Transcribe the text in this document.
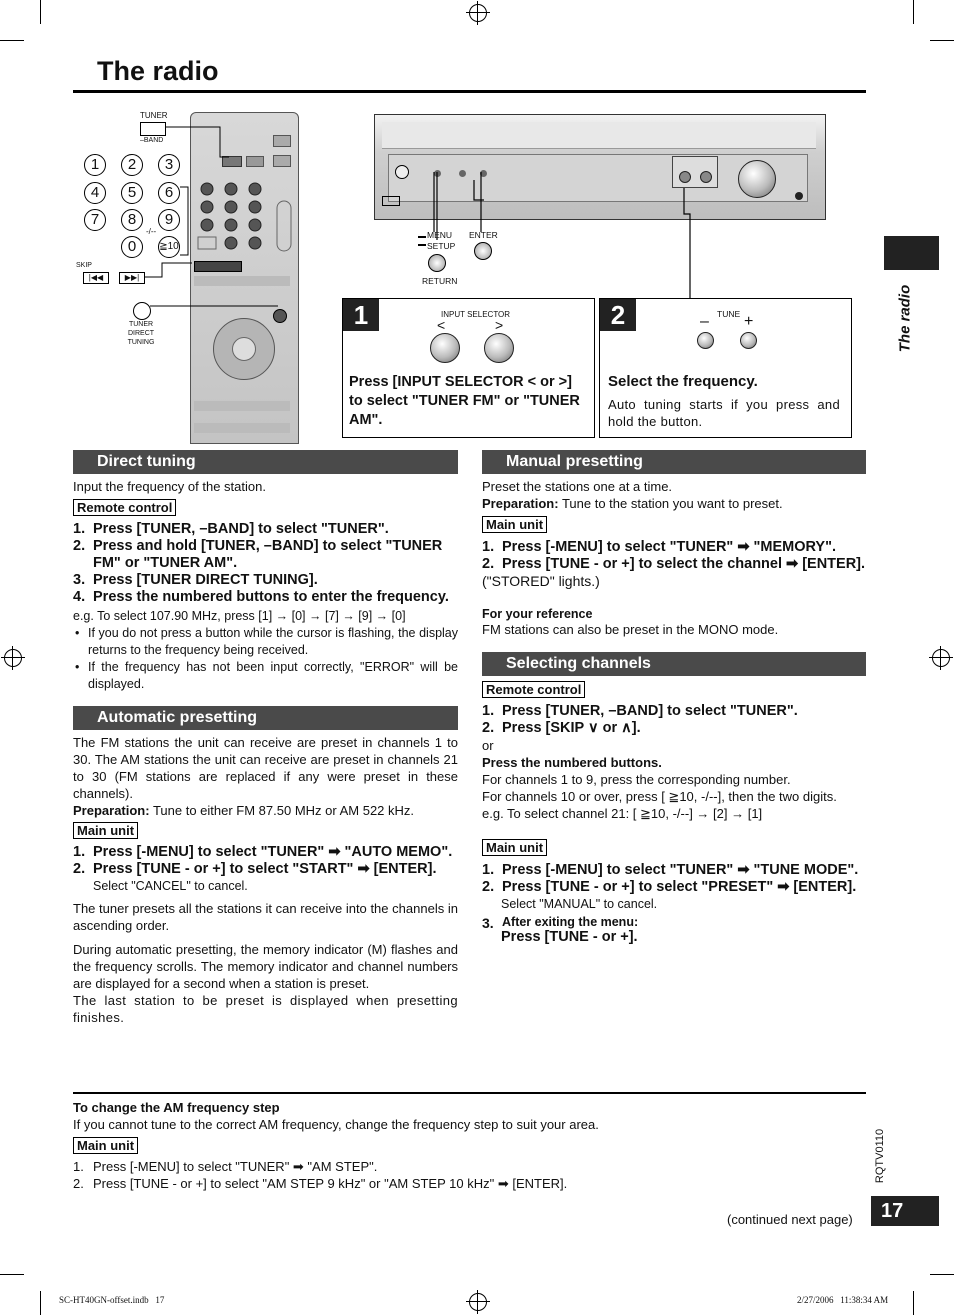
The radio
The radio
TUNER
–BAND
1	2	3
4	5	6
7	8	9
0	≧10
-/--
SKIP
|◀◀	▶▶|
TUNER
DIRECT TUNING
MENU
SETUP
RETURN
ENTER
1	INPUT SELECTOR
<	>
Press [INPUT SELECTOR < or >] to select "TUNER FM" or "TUNER AM".
2	TUNE
– +
Select the frequency.
Auto tuning starts if you press and hold the button.
Direct tuning
Input the frequency of the station.
Remote control
1. Press [TUNER, –BAND] to select "TUNER".
2. Press and hold [TUNER, –BAND] to select "TUNER FM" or "TUNER AM".
3. Press [TUNER DIRECT TUNING].
4. Press the numbered buttons to enter the frequency.
e.g. To select 107.90 MHz, press [1] → [0] → [7] → [9] → [0]
• If you do not press a button while the cursor is flashing, the display returns to the frequency being received.
• If the frequency has not been input correctly, "ERROR" will be displayed.
Automatic presetting
The FM stations the unit can receive are preset in channels 1 to 30. The AM stations the unit can receive are preset in channels 21 to 30 (FM stations are replaced if any were preset in these channels).
Preparation: Tune to either FM 87.50 MHz or AM 522 kHz.
Main unit
1. Press [-MENU] to select "TUNER" ➡ "AUTO MEMO".
2. Press [TUNE - or +] to select "START" ➡ [ENTER].
Select "CANCEL" to cancel.
The tuner presets all the stations it can receive into the channels in ascending order.
During automatic presetting, the memory indicator (M) flashes and the frequency scrolls. The memory indicator and channel numbers are displayed for a second when a station is preset.
The last station to be preset is displayed when presetting finishes.
Manual presetting
Preset the stations one at a time.
Preparation: Tune to the station you want to preset.
Main unit
1. Press [-MENU] to select "TUNER" ➡ "MEMORY".
2. Press [TUNE - or +] to select the channel ➡ [ENTER].
("STORED" lights.)
For your reference
FM stations can also be preset in the MONO mode.
Selecting channels
Remote control
1. Press [TUNER, –BAND] to select "TUNER".
2. Press [SKIP ∨ or ∧].
or
Press the numbered buttons.
For channels 1 to 9, press the corresponding number.
For channels 10 or over, press [ ≧10, -/--], then the two digits.
e.g. To select channel 21: [ ≧10, -/--] → [2] → [1]
Main unit
1. Press [-MENU] to select "TUNER" ➡ "TUNE MODE".
2. Press [TUNE - or +] to select "PRESET" ➡ [ENTER].
Select "MANUAL" to cancel.
3. After exiting the menu:
Press [TUNE - or +].
To change the AM frequency step
If you cannot tune to the correct AM frequency, change the frequency step to suit your area.
Main unit
1. Press [-MENU] to select "TUNER" ➡ "AM STEP".
2. Press [TUNE - or +] to select "AM STEP 9 kHz" or "AM STEP 10 kHz" ➡ [ENTER].
RQTV0110
17
(continued next page)
SC-HT40GN-offset.indb   17	2/27/2006   11:38:34 AM
